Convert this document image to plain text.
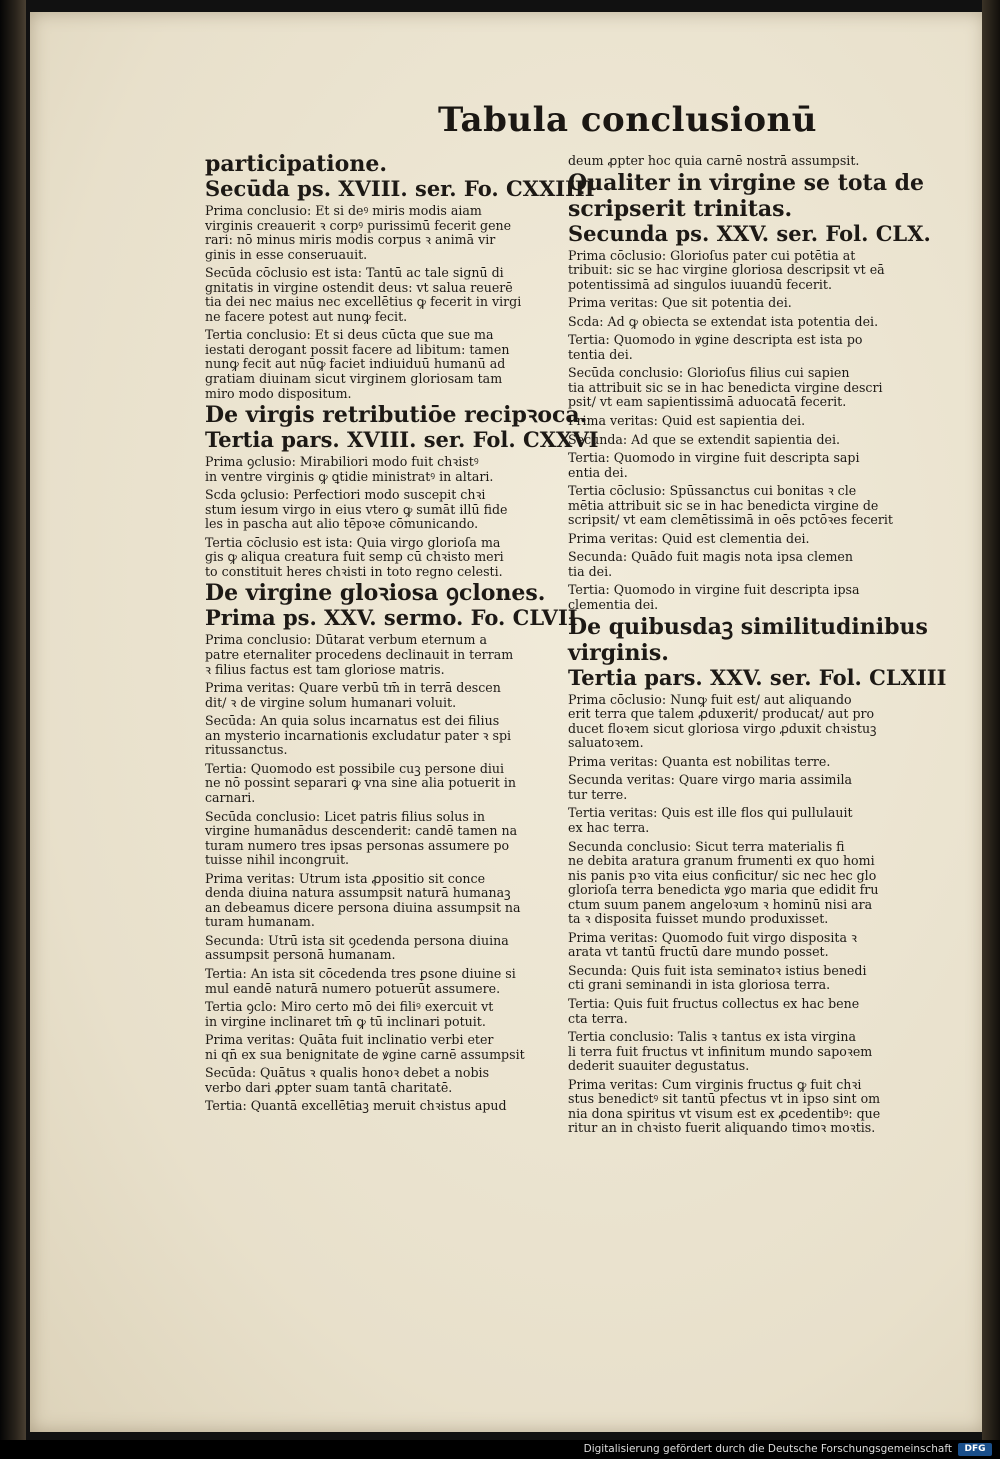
Tabula conclusionū
participatione.
Secūda ps. XVIII. ser. Fo. CXXIIII
Prima conclusio: Et si deꝰ miris modis aiam
virginis creauerit ꝛ corpꝰ purissimū fecerit gene
rari: nō minus miris modis corpus ꝛ animā vir
ginis in esse conseruauit.
Secūda cōclusio est ista: Tantū ac tale signū di
gnitatis in virgine ostendit deus: vt salua reuerē
tia dei nec maius nec excellētius ꝙ fecerit in virgi
ne facere potest aut nunꝙ fecit.
Tertia conclusio: Et si deus cūcta que sue ma
iestati derogant possit facere ad libitum: tamen
nunꝙ fecit aut nūꝙ faciet indiuiduū humanū ad
gratiam diuinam sicut virginem gloriosam tam
miro modo dispositum.
De virgis retributiōe recipꝛoca.
Tertia pars. XVIII. ser. Fol. CXXVI
Prima ꝯclusio: Mirabiliori modo fuit chꝛistꝰ
in ventre virginis ꝙ ꝗtidie ministratꝰ in altari.
Scda ꝯclusio: Perfectiori modo suscepit chꝛi
stum iesum virgo in eius vtero ꝙ sumāt illū fide
les in pascha aut alio tēpoꝛe cōmunicando.
Tertia cōclusio est ista: Quia virgo glorioſa ma
gis ꝙ aliqua creatura fuit semp cū chꝛisto meri
to constituit heres chꝛisti in toto regno celesti.
De virgine gloꝛiosa ꝯclones.
Prima ps. XXV. sermo. Fo. CLVII
Prima conclusio: Dūtarat verbum eternum a
patre eternaliter procedens declinauit in terram
ꝛ filius factus est tam gloriose matris.
Prima veritas: Quare verbū tm̄ in terrā descen
dit/ ꝛ de virgine solum humanari voluit.
Secūda: An quia solus incarnatus est dei filius
an mysterio incarnationis excludatur pater ꝛ spi
ritussanctus.
Tertia: Quomodo est possibile cuꝫ persone diui
ne nō possint separari ꝙ vna sine alia potuerit in
carnari.
Secūda conclusio: Licet patris filius solus in
virgine humanādus descenderit: candē tamen na
turam numero tres ipsas personas assumere po
tuisse nihil incongruit.
Prima veritas: Utrum ista ꝓpositio sit conce
denda diuina natura assumpsit naturā humanaꝫ
an debeamus dicere persona diuina assumpsit na
turam humanam.
Secunda: Utrū ista sit ꝯcedenda persona diuina
assumpsit personā humanam.
Tertia: An ista sit cōcedenda tres ꝑsone diuine si
mul eandē naturā numero potuerūt assumere.
Tertia ꝯclo: Miro certo mō dei filiꝰ exercuit vt
in virgine inclinaret tm̄ ꝙ tū inclinari potuit.
Prima veritas: Quāta fuit inclinatio verbi eter
ni qn̄ ex sua benignitate de ꝟgine carnē assumpsit
Secūda: Quātus ꝛ qualis honoꝛ debet a nobis
verbo dari ꝓpter suam tantā charitatē.
Tertia: Quantā excellētiaꝫ meruit chꝛistus apud
deum ꝓpter hoc quia carnē nostrā assumpsit.
Qualiter in virgine se tota de
scripserit trinitas.
Secunda ps. XXV. ser. Fol. CLX.
Prima cōclusio: Glorioſus pater cui potētia at
tribuit: sic se hac virgine gloriosa descripsit vt eā
potentissimā ad singulos iuuandū fecerit.
Prima veritas: Que sit potentia dei.
Scda: Ad ꝙ obiecta se extendat ista potentia dei.
Tertia: Quomodo in ꝟgine descripta est ista po
tentia dei.
Secūda conclusio: Glorioſus filius cui sapien
tia attribuit sic se in hac benedicta virgine descri
psit/ vt eam sapientissimā aduocatā fecerit.
Prima veritas: Quid est sapientia dei.
Secunda: Ad que se extendit sapientia dei.
Tertia: Quomodo in virgine fuit descripta sapi
entia dei.
Tertia cōclusio: Spūssanctus cui bonitas ꝛ cle
mētia attribuit sic se in hac benedicta virgine de
scripsit/ vt eam clemētissimā in oēs pctōꝛes fecerit
Prima veritas: Quid est clementia dei.
Secunda: Quādo fuit magis nota ipsa clemen
tia dei.
Tertia: Quomodo in virgine fuit descripta ipsa
clementia dei.
De quibusdaꝫ similitudinibus
virginis.
Tertia pars. XXV. ser. Fol. CLXIII
Prima cōclusio: Nunꝙ fuit est/ aut aliquando
erit terra que talem ꝓduxerit/ producat/ aut pro
ducet floꝛem sicut gloriosa virgo ꝓduxit chꝛistuꝫ
saluatoꝛem.
Prima veritas: Quanta est nobilitas terre.
Secunda veritas: Quare virgo maria assimila
tur terre.
Tertia veritas: Quis est ille flos qui pullulauit
ex hac terra.
Secunda conclusio: Sicut terra materialis fi
ne debita aratura granum frumenti ex quo homi
nis panis pꝛo vita eius conficitur/ sic nec hec glo
glorioſa terra benedicta ꝟgo maria que edidit fru
ctum suum panem angeloꝛum ꝛ hominū nisi ara
ta ꝛ disposita fuisset mundo produxisset.
Prima veritas: Quomodo fuit virgo disposita ꝛ
arata vt tantū fructū dare mundo posset.
Secunda: Quis fuit ista seminatoꝛ istius benedi
cti grani seminandi in ista gloriosa terra.
Tertia: Quis fuit fructus collectus ex hac bene
cta terra.
Tertia conclusio: Talis ꝛ tantus ex ista virgina
li terra fuit fructus vt infinitum mundo sapoꝛem
dederit suauiter degustatus.
Prima veritas: Cum virginis fructus ꝙ fuit chꝛi
stus benedictꝰ sit tantū pfectus vt in ipso sint om
nia dona spiritus vt visum est ex ꝓcedentibꝰ: que
ritur an in chꝛisto fuerit aliquando timoꝛ moꝛtis.
Digitalisierung gefördert durch die Deutsche Forschungsgemeinschaft	DFG
